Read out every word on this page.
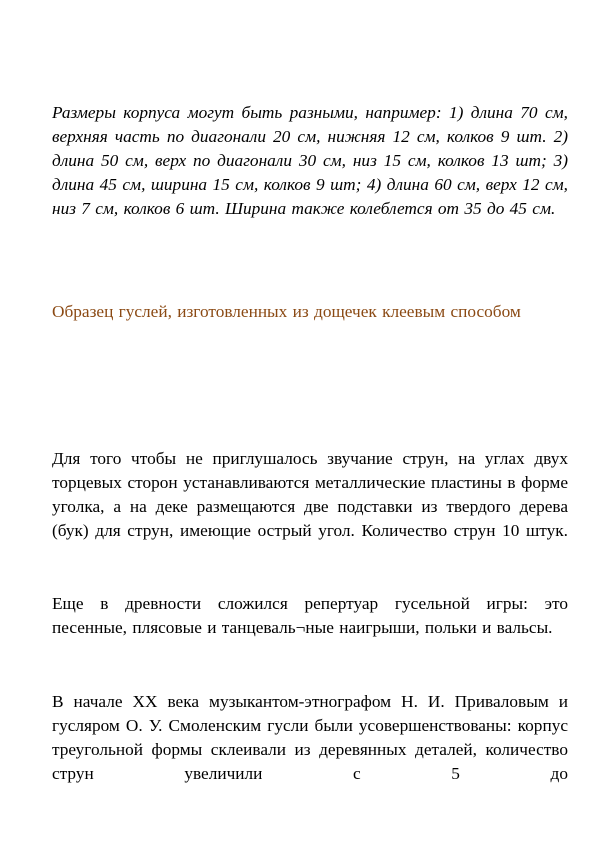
Размеры корпуса могут быть разными, например: 1) длина 70 см, верхняя часть по диагонали 20 см, нижняя 12 см, колков 9 шт. 2) длина 50 см, верх по диагонали 30 см, низ 15 см, колков 13 шт; 3) длина 45 см, ширина 15 см, колков 9 шт; 4) длина 60 см, верх 12 см, низ 7 см, колков 6 шт. Ширина также колеблется от 35 до 45 см.

Образец гуслей, изготовленных из дощечек клеевым способом

Для того чтобы не приглушалось звучание струн, на углах двух торцевых сторон устанавливаются металлические пластины в форме уголка, а на деке размещаются две подставки из твердого дерева (бук) для струн, имеющие острый угол. Количество струн 10 штук.

Еще в древности сложился репертуар гусельной игры: это песенные, плясовые и танцеваль¬ные наигрыши, польки и вальсы.

В начале XX века музыкантом-этнографом Н. И. Приваловым и гусляром О. У. Смоленским гусли были усовершенствованы: корпус треугольной формы склеивали из деревянных деталей, количество струн увеличили с 5 до
